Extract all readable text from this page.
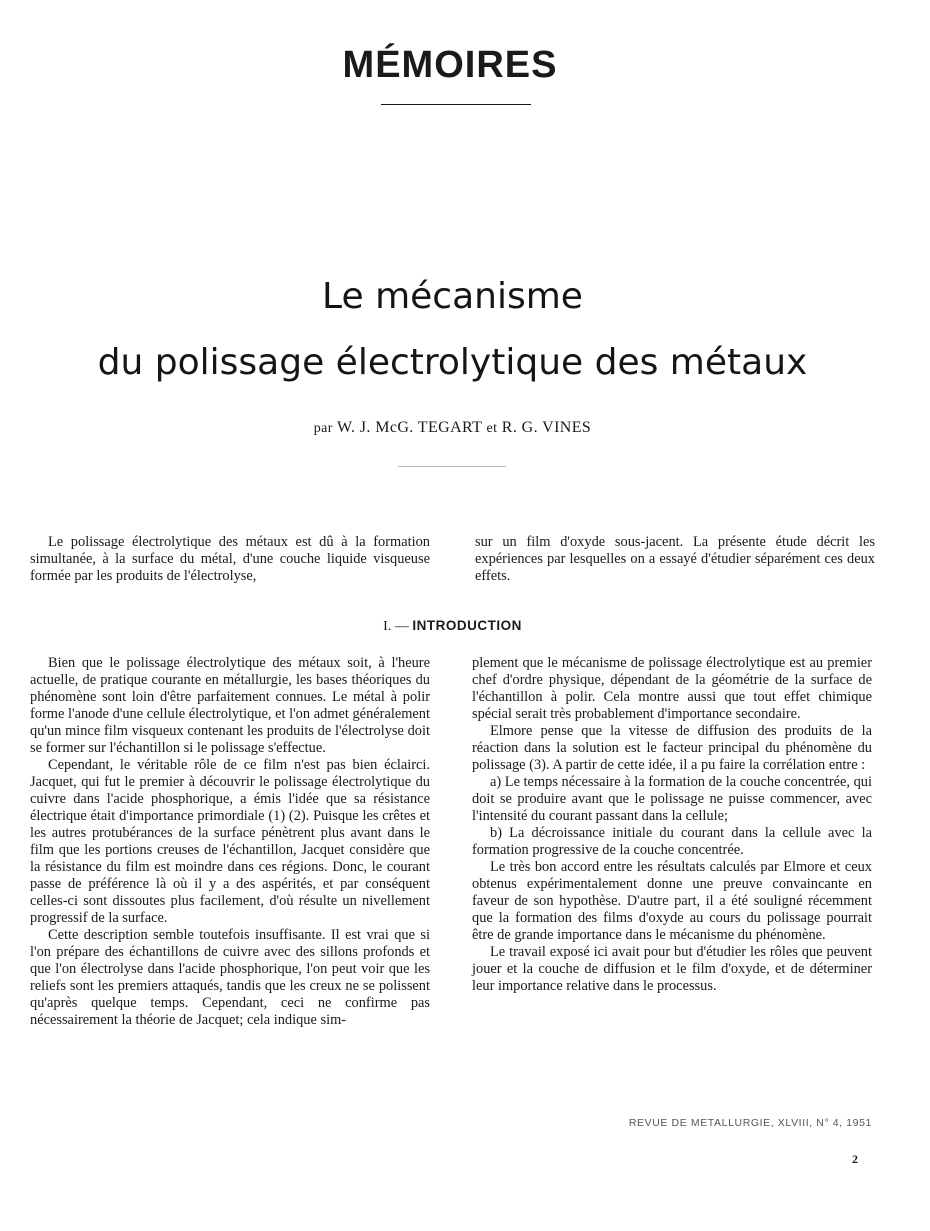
MÉMOIRES
Le mécanisme
du polissage électrolytique des métaux
par W. J. McG. TEGART et R. G. VINES

Le polissage électrolytique des métaux est dû à la formation simultanée, à la surface du métal, d'une couche liquide visqueuse formée par les produits de l'électrolyse,

sur un film d'oxyde sous-jacent. La présente étude décrit les expériences par lesquelles on a essayé d'étudier séparément ces deux effets.

I. — INTRODUCTION

Bien que le polissage électrolytique des métaux soit, à l'heure actuelle, de pratique courante en métallurgie, les bases théoriques du phénomène sont loin d'être parfaitement connues. Le métal à polir forme l'anode d'une cellule électrolytique, et l'on admet généralement qu'un mince film visqueux contenant les produits de l'électrolyse doit se former sur l'échantillon si le polissage s'effectue.

Cependant, le véritable rôle de ce film n'est pas bien éclairci. Jacquet, qui fut le premier à découvrir le polissage électrolytique du cuivre dans l'acide phosphorique, a émis l'idée que sa résistance électrique était d'importance primordiale (1) (2). Puisque les crêtes et les autres protubérances de la surface pénètrent plus avant dans le film que les portions creuses de l'échantillon, Jacquet considère que la résistance du film est moindre dans ces régions. Donc, le courant passe de préférence là où il y a des aspérités, et par conséquent celles-ci sont dissoutes plus facilement, d'où résulte un nivellement progressif de la surface.

Cette description semble toutefois insuffisante. Il est vrai que si l'on prépare des échantillons de cuivre avec des sillons profonds et que l'on électrolyse dans l'acide phosphorique, l'on peut voir que les reliefs sont les premiers attaqués, tandis que les creux ne se polissent qu'après quelque temps. Cependant, ceci ne confirme pas nécessairement la théorie de Jacquet; cela indique sim-

plement que le mécanisme de polissage électrolytique est au premier chef d'ordre physique, dépendant de la géométrie de la surface de l'échantillon à polir. Cela montre aussi que tout effet chimique spécial serait très probablement d'importance secondaire.

Elmore pense que la vitesse de diffusion des produits de la réaction dans la solution est le facteur principal du phénomène du polissage (3). A partir de cette idée, il a pu faire la corrélation entre :

a) Le temps nécessaire à la formation de la couche concentrée, qui doit se produire avant que le polissage ne puisse commencer, avec l'intensité du courant passant dans la cellule;

b) La décroissance initiale du courant dans la cellule avec la formation progressive de la couche concentrée.

Le très bon accord entre les résultats calculés par Elmore et ceux obtenus expérimentalement donne une preuve convaincante en faveur de son hypothèse. D'autre part, il a été souligné récemment que la formation des films d'oxyde au cours du polissage pourrait être de grande importance dans le mécanisme du phénomène.

Le travail exposé ici avait pour but d'étudier les rôles que peuvent jouer et la couche de diffusion et le film d'oxyde, et de déterminer leur importance relative dans le processus.

REVUE DE METALLURGIE, XLVIII, N° 4, 1951
2
